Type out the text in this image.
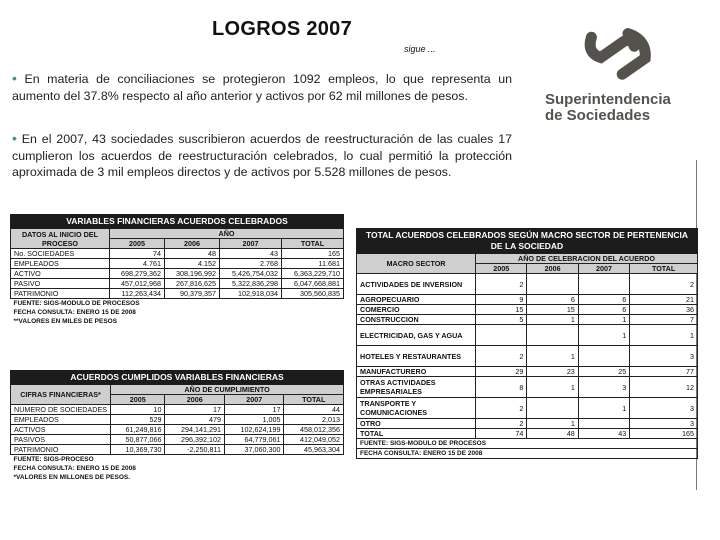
LOGROS 2007
sigue ...
• En materia de conciliaciones se protegieron 1092 empleos, lo que representa un aumento del 37.8% respecto al año anterior y activos por 62 mil millones de pesos.
• En el 2007, 43 sociedades suscribieron acuerdos de reestructuración de las cuales 17 cumplieron los acuerdos de reestructuración celebrados, lo cual permitió la protección aproximada de 3 mil empleos directos y de activos por 5.528 millones de pesos.
Superintendencia
de Sociedades
VARIABLES FINANCIERAS ACUERDOS CELEBRADOS				
DATOS AL INICIO DEL PROCESO	AÑO			
	2005	2006	2007	TOTAL
No. SOCIEDADES	74	48	43	165
EMPLEADOS	4.761	4.152	2.768	11.681
ACTIVO	698,279,362	308,196,992	5,426,754,032	6,363,229,710
PASIVO	457,012,968	267,816,625	5,322,836,298	6,047,668,881
PATRIMONIO	112,263,434	90,379,357	102,918,034	305,560,835
FUENTE: SIGS-MODULO DE PROCESOS				
FECHA CONSULTA: ENERO 15 DE 2008				
**VALORES EN MILES DE PESOS				
ACUERDOS CUMPLIDOS VARIABLES FINANCIERAS				
CIFRAS FINANCIERAS*	AÑO DE CUMPLIMIENTO			
	2005	2006	2007	TOTAL
NUMERO DE SOCIEDADES	10	17	17	44
EMPLEADOS	529	479	1,005	2,013
ACTIVOS	61,249,816	294,141,291	102,624,199	458,012,356
PASIVOS	50,877,066	296,392,102	64,779,061	412,049,052
PATRIMONIO	10,369,730	-2,250,811	37,060,300	45,963,304
FUENTE: SIGS-PROCESO				
FECHA CONSULTA: ENERO 15 DE 2008				
*VALORES EN MILLONES DE PESOS.				
TOTAL ACUERDOS CELEBRADOS SEGÚN MACRO SECTOR DE PERTENENCIA DE LA SOCIEDAD				
MACRO SECTOR	AÑO DE CELEBRACION DEL ACUERDO			
	2005	2006	2007	TOTAL
ACTIVIDADES DE INVERSION	2			2
AGROPECUARIO	9	6	6	21
COMERCIO	15	15	6	36
CONSTRUCCION	5	1	1	7
ELECTRICIDAD, GAS Y AGUA			1	1
HOTELES Y RESTAURANTES	2	1		3
MANUFACTURERO	29	23	25	77
OTRAS ACTIVIDADES EMPRESARIALES	8	1	3	12
TRANSPORTE Y COMUNICACIONES	2		1	3
OTRO	2	1		3
TOTAL	74	48	43	165
FUENTE: SIGS-MODULO DE PROCESOS				
FECHA CONSULTA: ENERO 15 DE 2008				
